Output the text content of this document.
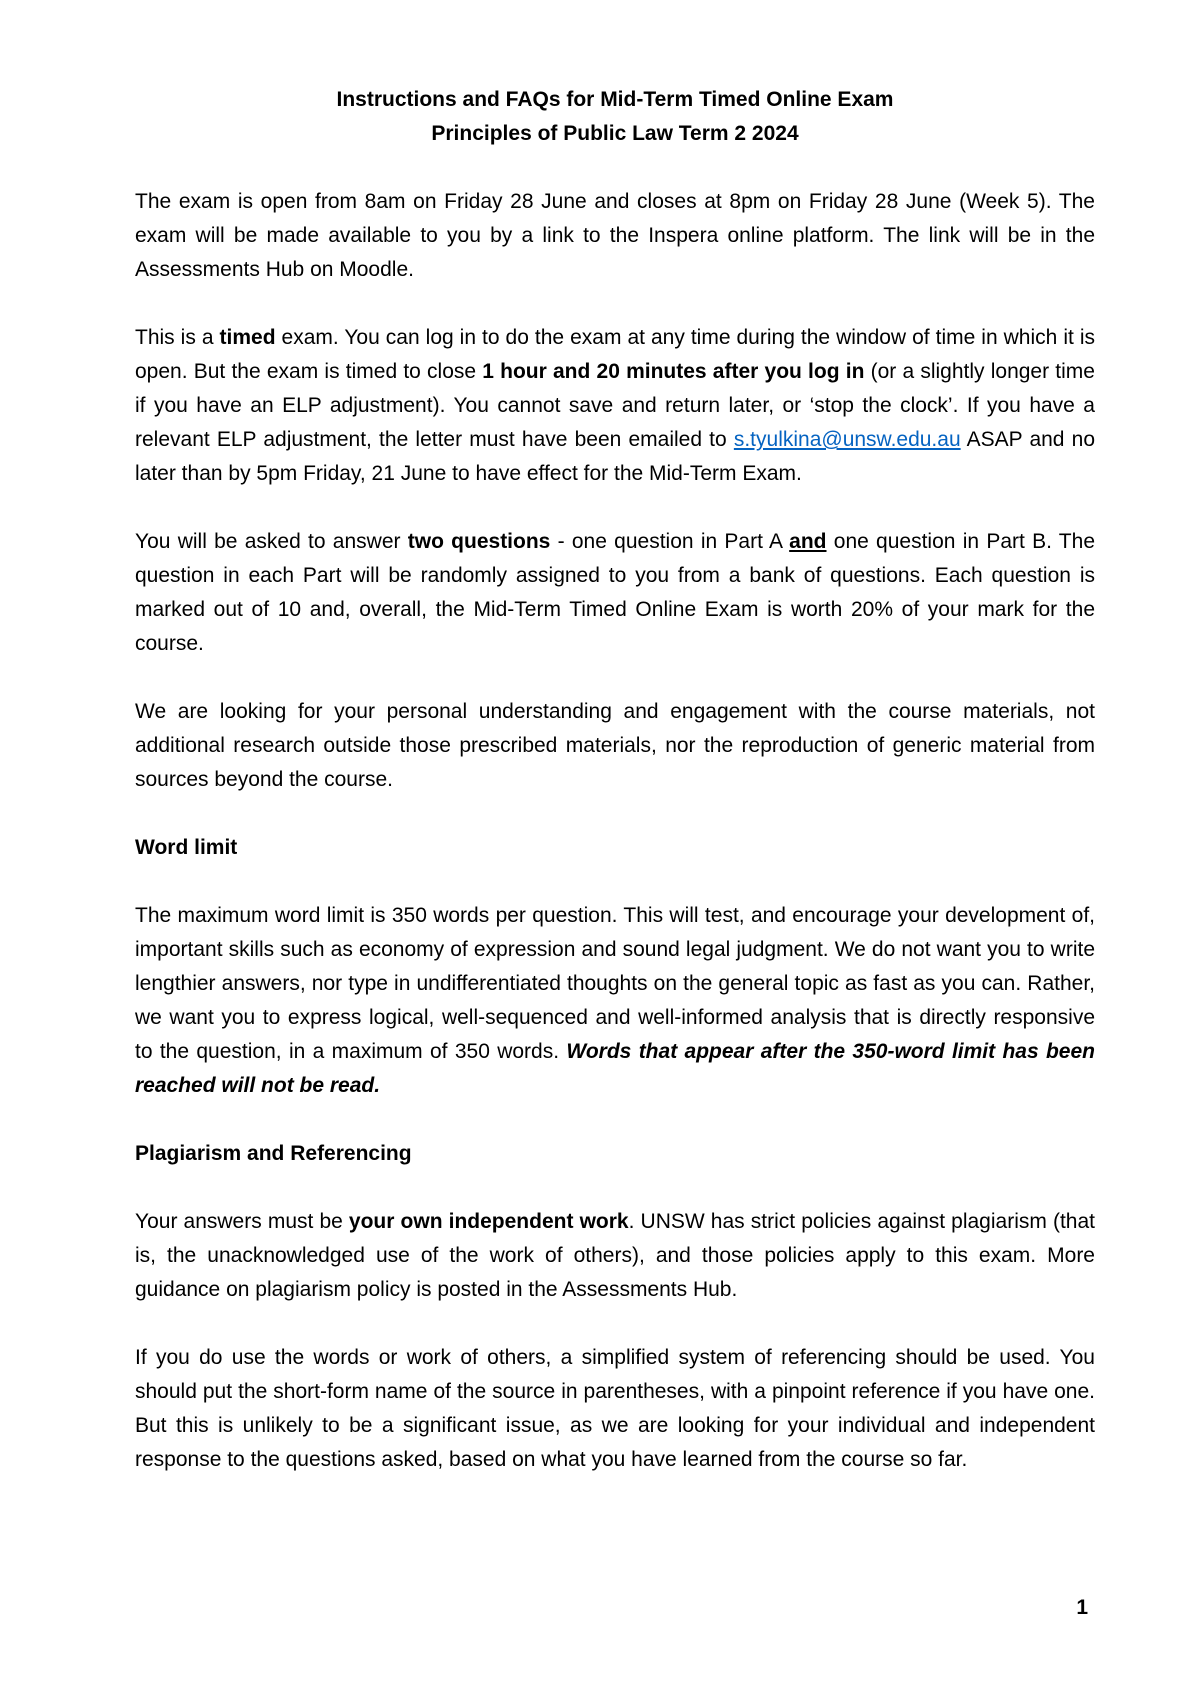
Instructions and FAQs for Mid-Term Timed Online Exam

Principles of Public Law Term 2 2024

The exam is open from 8am on Friday 28 June and closes at 8pm on Friday 28 June (Week 5). The exam will be made available to you by a link to the Inspera online platform. The link will be in the Assessments Hub on Moodle.

This is a timed exam. You can log in to do the exam at any time during the window of time in which it is open. But the exam is timed to close 1 hour and 20 minutes after you log in (or a slightly longer time if you have an ELP adjustment). You cannot save and return later, or ‘stop the clock’. If you have a relevant ELP adjustment, the letter must have been emailed to s.tyulkina@unsw.edu.au ASAP and no later than by 5pm Friday, 21 June to have effect for the Mid-Term Exam.

You will be asked to answer two questions - one question in Part A and one question in Part B. The question in each Part will be randomly assigned to you from a bank of questions. Each question is marked out of 10 and, overall, the Mid-Term Timed Online Exam is worth 20% of your mark for the course.

We are looking for your personal understanding and engagement with the course materials, not additional research outside those prescribed materials, nor the reproduction of generic material from sources beyond the course.

Word limit

The maximum word limit is 350 words per question. This will test, and encourage your development of, important skills such as economy of expression and sound legal judgment. We do not want you to write lengthier answers, nor type in undifferentiated thoughts on the general topic as fast as you can. Rather, we want you to express logical, well-sequenced and well-informed analysis that is directly responsive to the question, in a maximum of 350 words. Words that appear after the 350-word limit has been reached will not be read.

Plagiarism and Referencing

Your answers must be your own independent work. UNSW has strict policies against plagiarism (that is, the unacknowledged use of the work of others), and those policies apply to this exam. More guidance on plagiarism policy is posted in the Assessments Hub.

If you do use the words or work of others, a simplified system of referencing should be used. You should put the short-form name of the source in parentheses, with a pinpoint reference if you have one. But this is unlikely to be a significant issue, as we are looking for your individual and independent response to the questions asked, based on what you have learned from the course so far.

1
